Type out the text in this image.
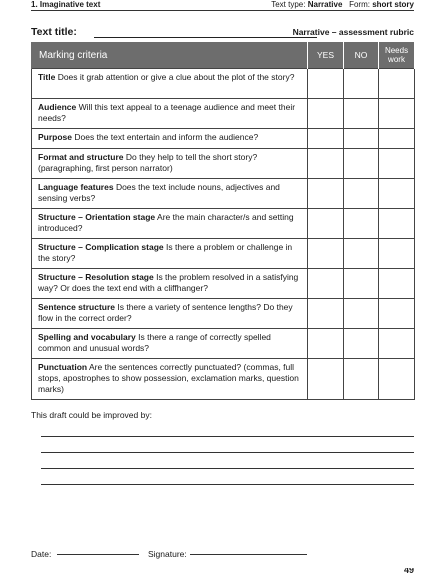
1. Imaginative text	Text type: Narrative Form: short story
Text title:	Narrative – assessment rubric
Marking criteria	YES	NO	Needs
work
Title Does it grab attention or give a clue about the plot of the story?			
Audience Will this text appeal to a teenage audience and meet their needs?			
Purpose Does the text entertain and inform the audience?			
Format and structure Do they help to tell the short story? (paragraphing, first person narrator)			
Language features Does the text include nouns, adjectives and sensing verbs?			
Structure – Orientation stage Are the main character/s and setting introduced?			
Structure – Complication stage Is there a problem or challenge in the story?			
Structure – Resolution stage Is the problem resolved in a satisfying way? Or does the text end with a cliffhanger?			
Sentence structure Is there a variety of sentence lengths? Do they flow in the correct order?			
Spelling and vocabulary Is there a range of correctly spelled common and unusual words?			
Punctuation Are the sentences correctly punctuated? (commas, full stops, apostrophes to show possession, exclamation marks, question marks)			
This draft could be improved by:
Date:	Signature:
49
